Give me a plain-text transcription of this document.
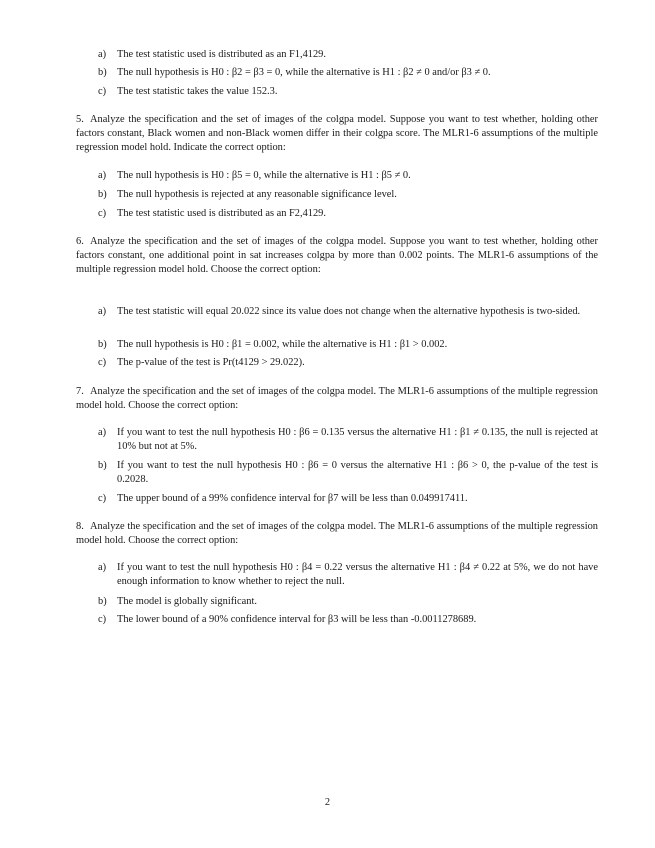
a)	The test statistic used is distributed as an F1,4129.
b) The null hypothesis is H0 : β2 = β3 = 0, while the alternative is H1 : β2 ≠ 0 and/or β3 ≠ 0.
c)	The test statistic takes the value 152.3.
5. Analyze the specification and the set of images of the colgpa model. Suppose you want to test whether, holding other factors constant, Black women and non-Black women differ in their colgpa score. The MLR1-6 assumptions of the multiple regression model hold. Indicate the correct option:
a)	The null hypothesis is H0 : β5 = 0, while the alternative is H1 : β5 ≠ 0.
b) The null hypothesis is rejected at any reasonable significance level.
c)	The test statistic used is distributed as an F2,4129.
6. Analyze the specification and the set of images of the colgpa model. Suppose you want to test whether, holding other factors constant, one additional point in sat increases colgpa by more than 0.002 points. The MLR1-6 assumptions of the multiple regression model hold. Choose the correct option:
a)	The test statistic will equal 20.022 since its value does not change when the alternative hypothesis is two-sided.
b) The null hypothesis is H0 : β1 = 0.002, while the alternative is H1 : β1 > 0.002.
c)	The p-value of the test is Pr(t4129 > 29.022).
7. Analyze the specification and the set of images of the colgpa model. The MLR1-6 assumptions of the multiple regression model hold. Choose the correct option:
a)	If you want to test the null hypothesis H0 : β6 = 0.135 versus the alternative H1 : β1 ≠ 0.135, the null is rejected at 10% but not at 5%.
b) If you want to test the null hypothesis H0 : β6 = 0 versus the alternative H1 : β6 > 0, the p-value of the test is 0.2028.
c)	The upper bound of a 99% confidence interval for β7 will be less than 0.049917411.
8. Analyze the specification and the set of images of the colgpa model. The MLR1-6 assumptions of the multiple regression model hold. Choose the correct option:
a)	If you want to test the null hypothesis H0 : β4 = 0.22 versus the alternative H1 : β4 ≠ 0.22 at 5%, we do not have enough information to know whether to reject the null.
b) The model is globally significant.
c)	The lower bound of a 90% confidence interval for β3 will be less than -0.0011278689.
2
